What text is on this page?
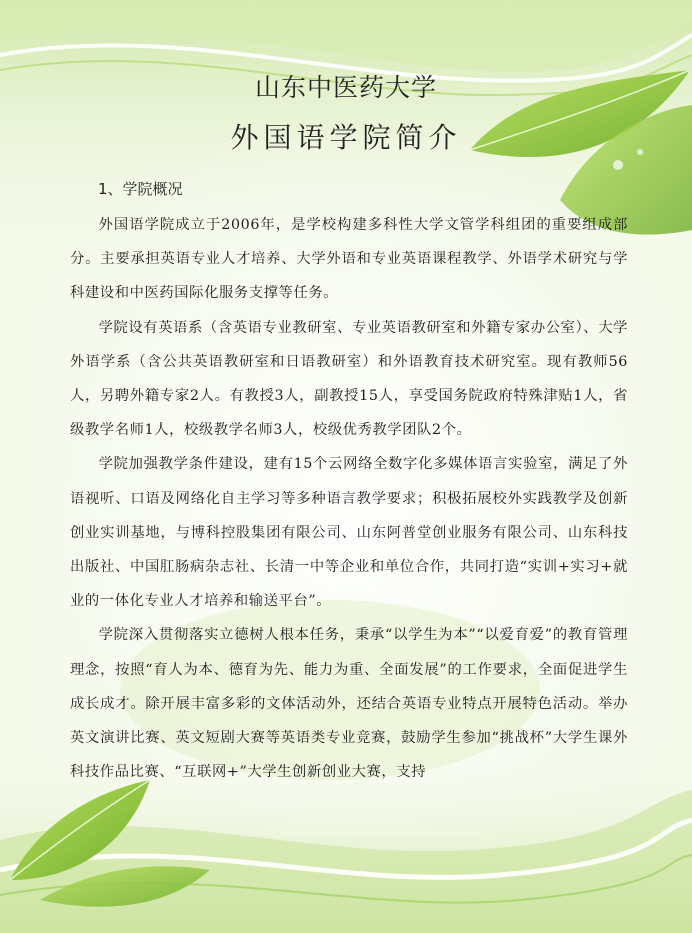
山东中医药大学
外国语学院简介
1、学院概况

外国语学院成立于2006年，是学校构建多科性大学文管学科组团的重要组成部分。主要承担英语专业人才培养、大学外语和专业英语课程教学、外语学术研究与学科建设和中医药国际化服务支撑等任务。

学院设有英语系（含英语专业教研室、专业英语教研室和外籍专家办公室）、大学外语学系（含公共英语教研室和日语教研室）和外语教育技术研究室。现有教师56人，另聘外籍专家2人。有教授3人，副教授15人，享受国务院政府特殊津贴1人，省级教学名师1人，校级教学名师3人，校级优秀教学团队2个。

学院加强教学条件建设，建有15个云网络全数字化多媒体语言实验室，满足了外语视听、口语及网络化自主学习等多种语言教学要求；积极拓展校外实践教学及创新创业实训基地，与博科控股集团有限公司、山东阿普堂创业服务有限公司、山东科技出版社、中国肛肠病杂志社、长清一中等企业和单位合作，共同打造“实训+实习+就业的一体化专业人才培养和输送平台”。

学院深入贯彻落实立德树人根本任务，秉承“以学生为本”“以爱育爱”的教育管理理念，按照“育人为本、德育为先、能力为重、全面发展”的工作要求，全面促进学生成长成才。除开展丰富多彩的文体活动外，还结合英语专业特点开展特色活动。举办英文演讲比赛、英文短剧大赛等英语类专业竞赛，鼓励学生参加“挑战杯”大学生课外科技作品比赛、“互联网+”大学生创新创业大赛，支持
